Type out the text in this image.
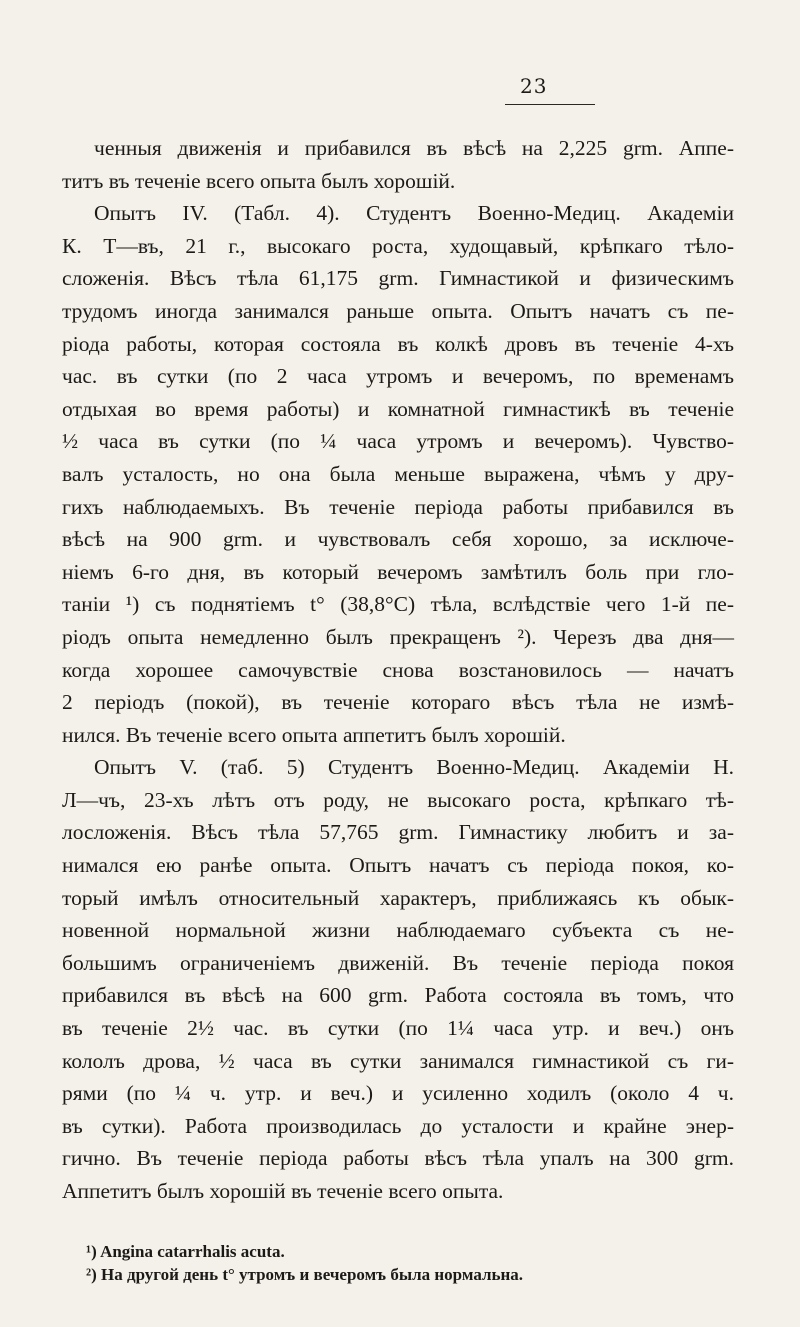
23
ченныя движенія и прибавился въ вѣсѣ на 2,225 grm. Аппе-
титъ въ теченіе всего опыта былъ хорошій.
Опытъ IV. (Табл. 4). Студентъ Военно-Медиц. Академіи
К. Т—въ, 21 г., высокаго роста, худощавый, крѣпкаго тѣло-
сложенія. Вѣсъ тѣла 61,175 grm. Гимнастикой и физическимъ
трудомъ иногда занимался раньше опыта. Опытъ начатъ съ пе-
ріода работы, которая состояла въ колкѣ дровъ въ теченіе 4-хъ
час. въ сутки (по 2 часа утромъ и вечеромъ, по временамъ
отдыхая во время работы) и комнатной гимнастикѣ въ теченіе
½ часа въ сутки (по ¼ часа утромъ и вечеромъ). Чувство-
валъ усталость, но она была меньше выражена, чѣмъ у дру-
гихъ наблюдаемыхъ. Въ теченіе періода работы прибавился въ
вѣсѣ на 900 grm. и чувствовалъ себя хорошо, за исключе-
ніемъ 6-го дня, въ который вечеромъ замѣтилъ боль при гло-
таніи ¹) съ поднятіемъ t° (38,8°C) тѣла, вслѣдствіе чего 1-й пе-
ріодъ опыта немедленно былъ прекращенъ ²). Черезъ два дня—
когда хорошее самочувствіе снова возстановилось — начатъ
2 періодъ (покой), въ теченіе котораго вѣсъ тѣла не измѣ-
нился. Въ теченіе всего опыта аппетитъ былъ хорошій.
Опытъ V. (таб. 5) Студентъ Военно-Медиц. Академіи Н.
Л—чъ, 23-хъ лѣтъ отъ роду, не высокаго роста, крѣпкаго тѣ-
лосложенія. Вѣсъ тѣла 57,765 grm. Гимнастику любитъ и за-
нимался ею ранѣе опыта. Опытъ начатъ съ періода покоя, ко-
торый имѣлъ относительный характеръ, приближаясь къ обык-
новенной нормальной жизни наблюдаемаго субъекта съ не-
большимъ ограниченіемъ движеній. Въ теченіе періода покоя
прибавился въ вѣсѣ на 600 grm. Работа состояла въ томъ, что
въ теченіе 2½ час. въ сутки (по 1¼ часа утр. и веч.) онъ
кололъ дрова, ½ часа въ сутки занимался гимнастикой съ ги-
рями (по ¼ ч. утр. и веч.) и усиленно ходилъ (около 4 ч.
въ сутки). Работа производилась до усталости и крайне энер-
гично. Въ теченіе періода работы вѣсъ тѣла упалъ на 300 grm.
Аппетитъ былъ хорошій въ теченіе всего опыта.
¹) Angina catarrhalis acuta.
²) На другой день t° утромъ и вечеромъ была нормальна.
